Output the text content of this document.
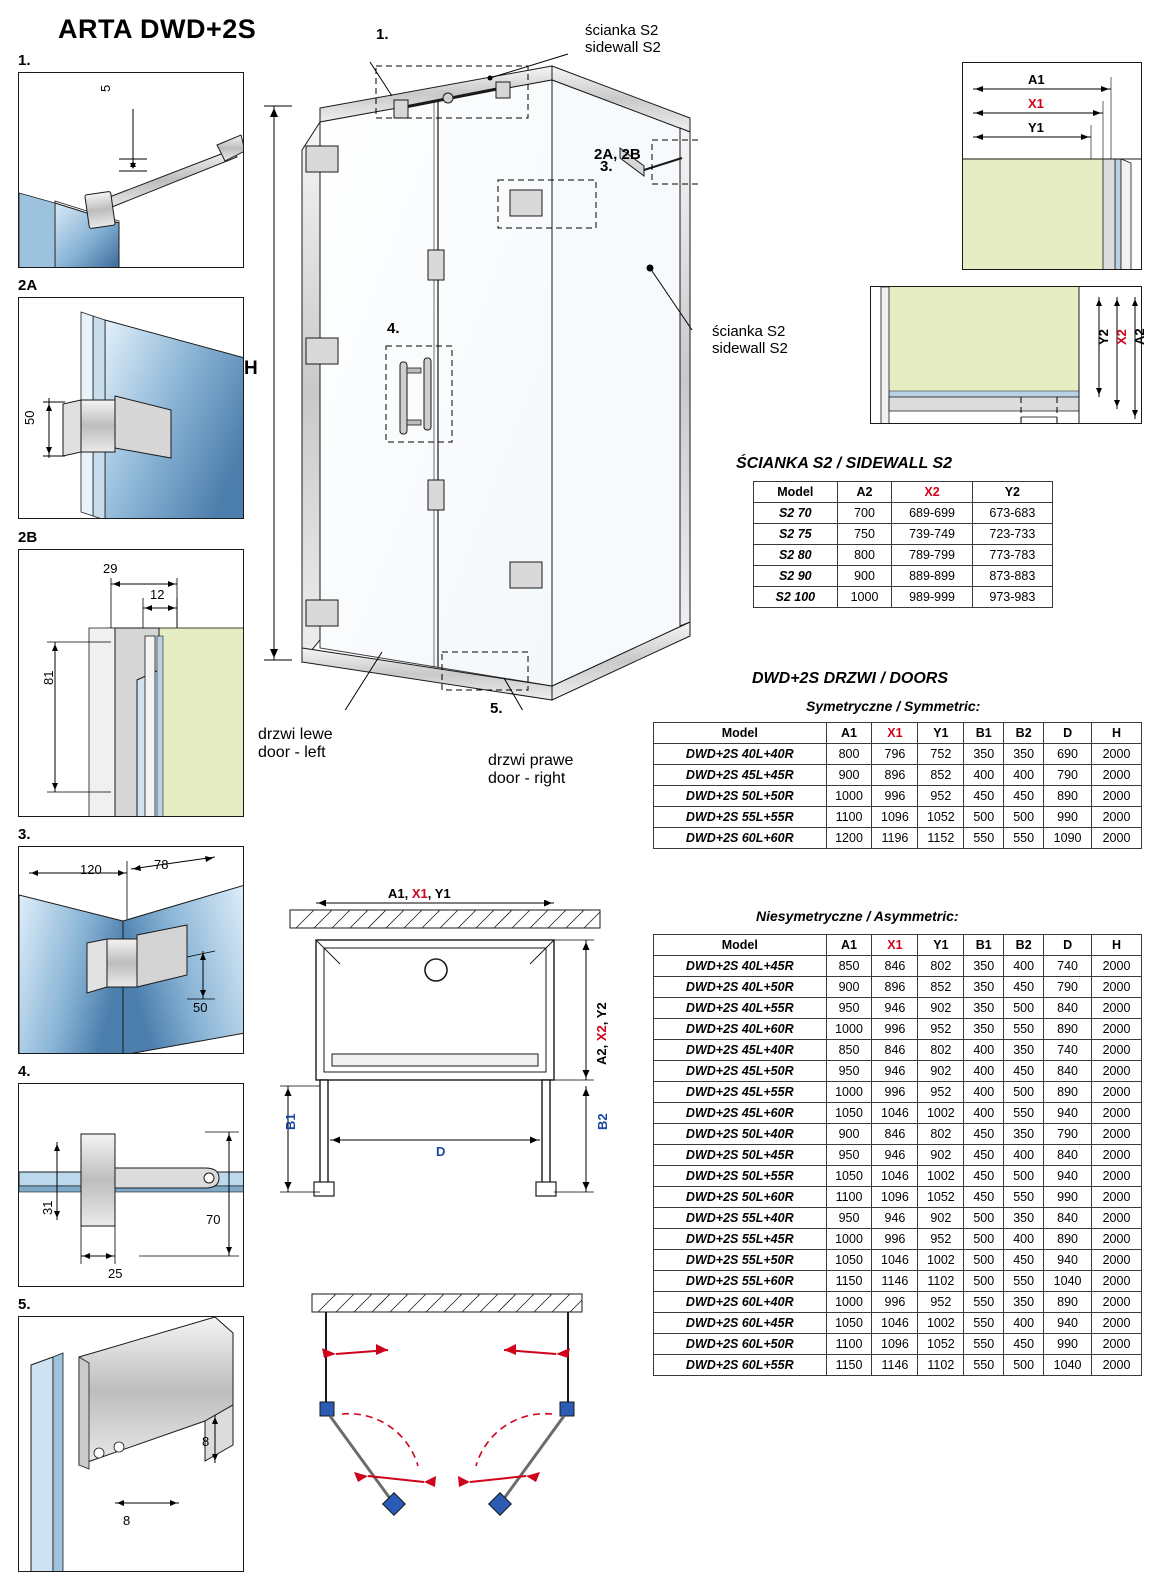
ARTA DWD+2S
1.
5
2A
50
2B
29
12
81
3.
120	78
50
4.
31
25
70
5.
8
8
H
1.
2A, 2B
3.
4.
5.
ścianka S2
sidewall S2
ścianka S2
sidewall S2
drzwi lewe
door - left	drzwi prawe
door - right
A1, X1, Y1
A2, X2, Y2
B1	B2
D
A1
X1
Y1
Y2 X2 A2
ŚCIANKA S2 / SIDEWALL S2
Model	A2	X2	Y2
S2 70	700	689-699	673-683
S2 75	750	739-749	723-733
S2 80	800	789-799	773-783
S2 90	900	889-899	873-883
S2 100	1000	989-999	973-983
DWD+2S DRZWI / DOORS
Symetryczne / Symmetric:
Model	A1	X1	Y1	B1	B2	D	H
DWD+2S 40L+40R	800	796	752	350	350	690	2000
DWD+2S 45L+45R	900	896	852	400	400	790	2000
DWD+2S 50L+50R	1000	996	952	450	450	890	2000
DWD+2S 55L+55R	1100	1096	1052	500	500	990	2000
DWD+2S 60L+60R	1200	1196	1152	550	550	1090	2000
Niesymetryczne / Asymmetric:
Model	A1	X1	Y1	B1	B2	D	H
DWD+2S 40L+45R	850	846	802	350	400	740	2000
DWD+2S 40L+50R	900	896	852	350	450	790	2000
DWD+2S 40L+55R	950	946	902	350	500	840	2000
DWD+2S 40L+60R	1000	996	952	350	550	890	2000
DWD+2S 45L+40R	850	846	802	400	350	740	2000
DWD+2S 45L+50R	950	946	902	400	450	840	2000
DWD+2S 45L+55R	1000	996	952	400	500	890	2000
DWD+2S 45L+60R	1050	1046	1002	400	550	940	2000
DWD+2S 50L+40R	900	846	802	450	350	790	2000
DWD+2S 50L+45R	950	946	902	450	400	840	2000
DWD+2S 50L+55R	1050	1046	1002	450	500	940	2000
DWD+2S 50L+60R	1100	1096	1052	450	550	990	2000
DWD+2S 55L+40R	950	946	902	500	350	840	2000
DWD+2S 55L+45R	1000	996	952	500	400	890	2000
DWD+2S 55L+50R	1050	1046	1002	500	450	940	2000
DWD+2S 55L+60R	1150	1146	1102	500	550	1040	2000
DWD+2S 60L+40R	1000	996	952	550	350	890	2000
DWD+2S 60L+45R	1050	1046	1002	550	400	940	2000
DWD+2S 60L+50R	1100	1096	1052	550	450	990	2000
DWD+2S 60L+55R	1150	1146	1102	550	500	1040	2000
